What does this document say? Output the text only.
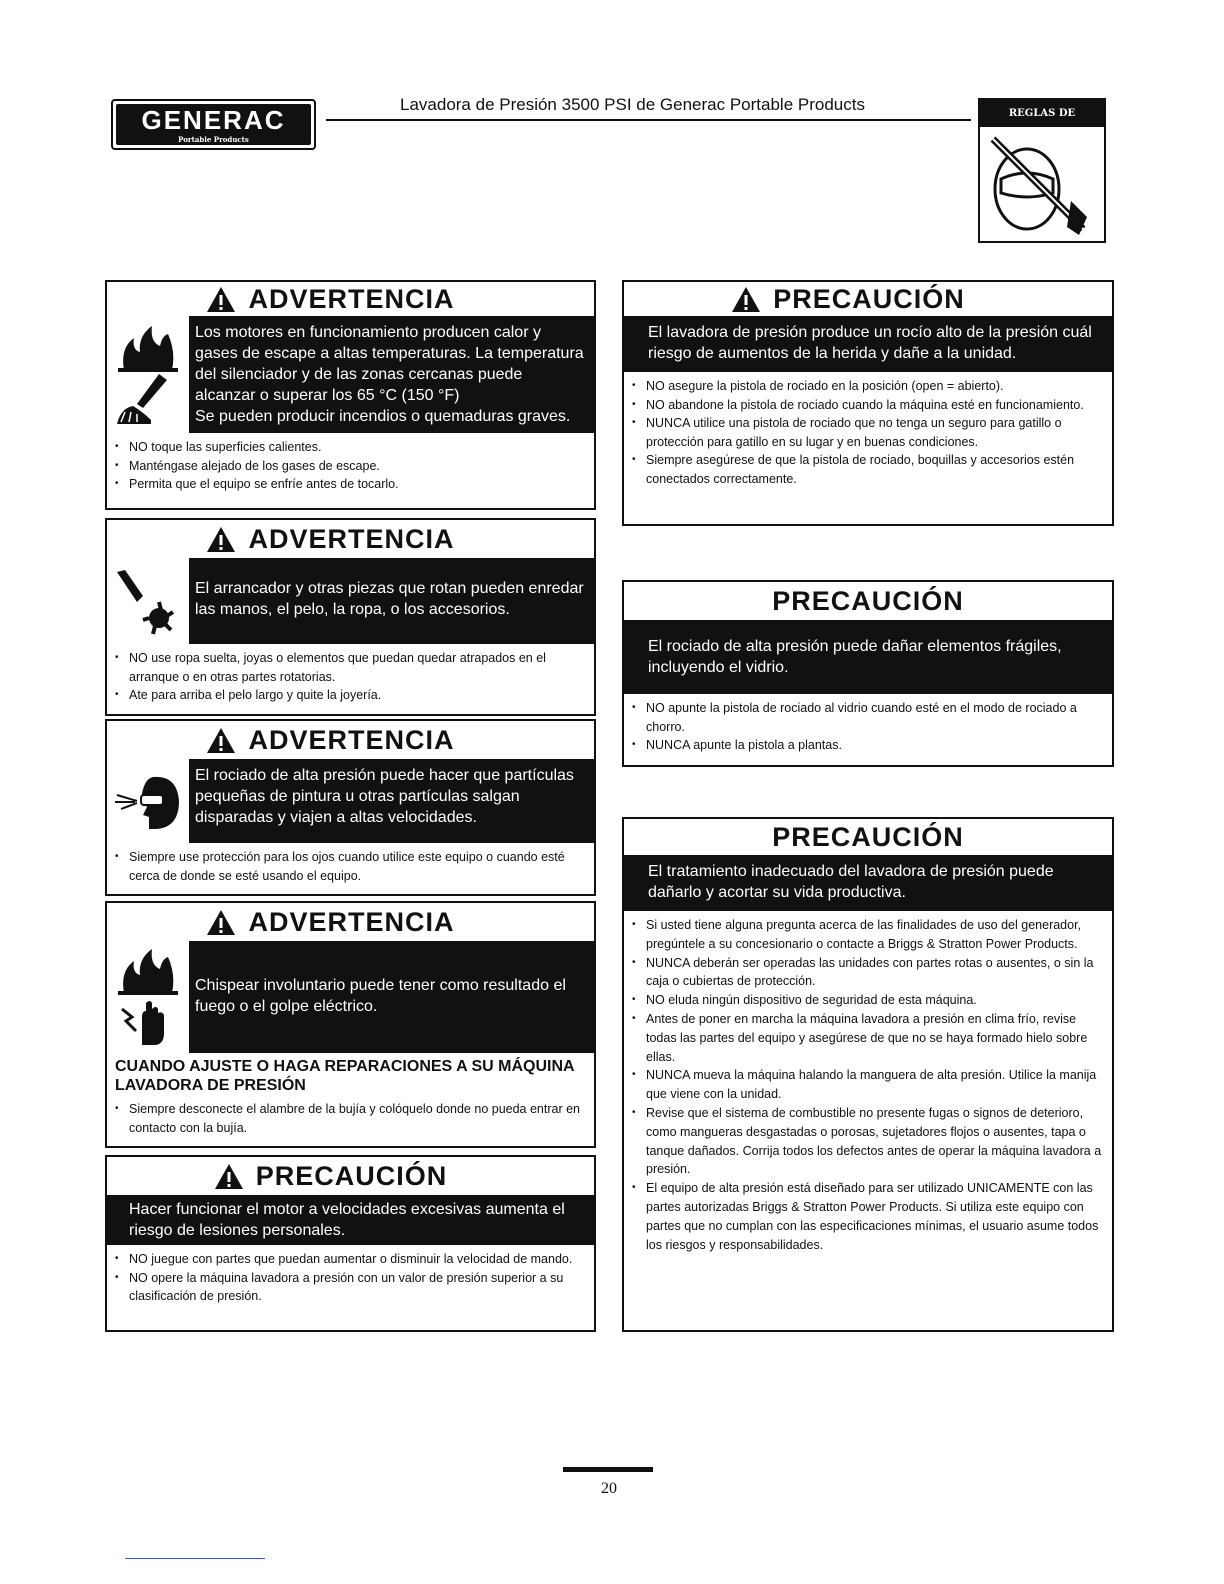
GENERAC
Portable Products
Lavadora de Presión 3500 PSI de Generac Portable Products	REGLAS DE SEGURIDAD
ADVERTENCIA
Los motores en funcionamiento producen calor y gases de escape a altas temperaturas. La temperatura del silenciador y de las zonas cercanas puede alcanzar o superar los 65 °C (150 °F)
Se pueden producir incendios o quemaduras graves.
• NO toque las superficies calientes.
• Manténgase alejado de los gases de escape.
• Permita que el equipo se enfríe antes de tocarlo.
ADVERTENCIA
El arrancador y otras piezas que rotan pueden enredar las manos, el pelo, la ropa, o los accesorios.
• NO use ropa suelta, joyas o elementos que puedan quedar atrapados en el arranque o en otras partes rotatorias.
• Ate para arriba el pelo largo y quite la joyería.
ADVERTENCIA
El rociado de alta presión puede hacer que partículas pequeñas de pintura u otras partículas salgan disparadas y viajen a altas velocidades.
• Siempre use protección para los ojos cuando utilice este equipo o cuando esté cerca de donde se esté usando el equipo.
ADVERTENCIA
Chispear involuntario puede tener como resultado el fuego o el golpe eléctrico.
CUANDO AJUSTE O HAGA REPARACIONES A SU MÁQUINA LAVADORA DE PRESIÓN
• Siempre desconecte el alambre de la bujía y colóquelo donde no pueda entrar en contacto con la bujía.
PRECAUCIÓN
Hacer funcionar el motor a velocidades excesivas aumenta el riesgo de lesiones personales.
• NO juegue con partes que puedan aumentar o disminuir la velocidad de mando.
• NO opere la máquina lavadora a presión con un valor de presión superior a su clasificación de presión.
PRECAUCIÓN
El lavadora de presión produce un rocío alto de la presión cuál riesgo de aumentos de la herida y dañe a la unidad.
• NO asegure la pistola de rociado en la posición (open = abierto).
• NO abandone la pistola de rociado cuando la máquina esté en funcionamiento.
• NUNCA utilice una pistola de rociado que no tenga un seguro para gatillo o protección para gatillo en su lugar y en buenas condiciones.
• Siempre asegúrese de que la pistola de rociado, boquillas y accesorios estén conectados correctamente.
PRECAUCIÓN
El rociado de alta presión puede dañar elementos frágiles, incluyendo el vidrio.
• NO apunte la pistola de rociado al vidrio cuando esté en el modo de rociado a chorro.
• NUNCA apunte la pistola a plantas.
PRECAUCIÓN
El tratamiento inadecuado del lavadora de presión puede dañarlo y acortar su vida productiva.
• Si usted tiene alguna pregunta acerca de las finalidades de uso del generador, pregúntele a su concesionario o contacte a Briggs & Stratton Power Products.
• NUNCA deberán ser operadas las unidades con partes rotas o ausentes, o sin la caja o cubiertas de protección.
• NO eluda ningún dispositivo de seguridad de esta máquina.
• Antes de poner en marcha la máquina lavadora a presión en clima frío, revise todas las partes del equipo y asegúrese de que no se haya formado hielo sobre ellas.
• NUNCA mueva la máquina halando la manguera de alta presión. Utilice la manija que viene con la unidad.
• Revise que el sistema de combustible no presente fugas o signos de deterioro, como mangueras desgastadas o porosas, sujetadores flojos o ausentes, tapa o tanque dañados. Corrija todos los defectos antes de operar la máquina lavadora a presión.
• El equipo de alta presión está diseñado para ser utilizado UNICAMENTE con las partes autorizadas Briggs & Stratton Power Products. Si utiliza este equipo con partes que no cumplan con las especificaciones mínimas, el usuario asume todos los riesgos y responsabilidades.
20
